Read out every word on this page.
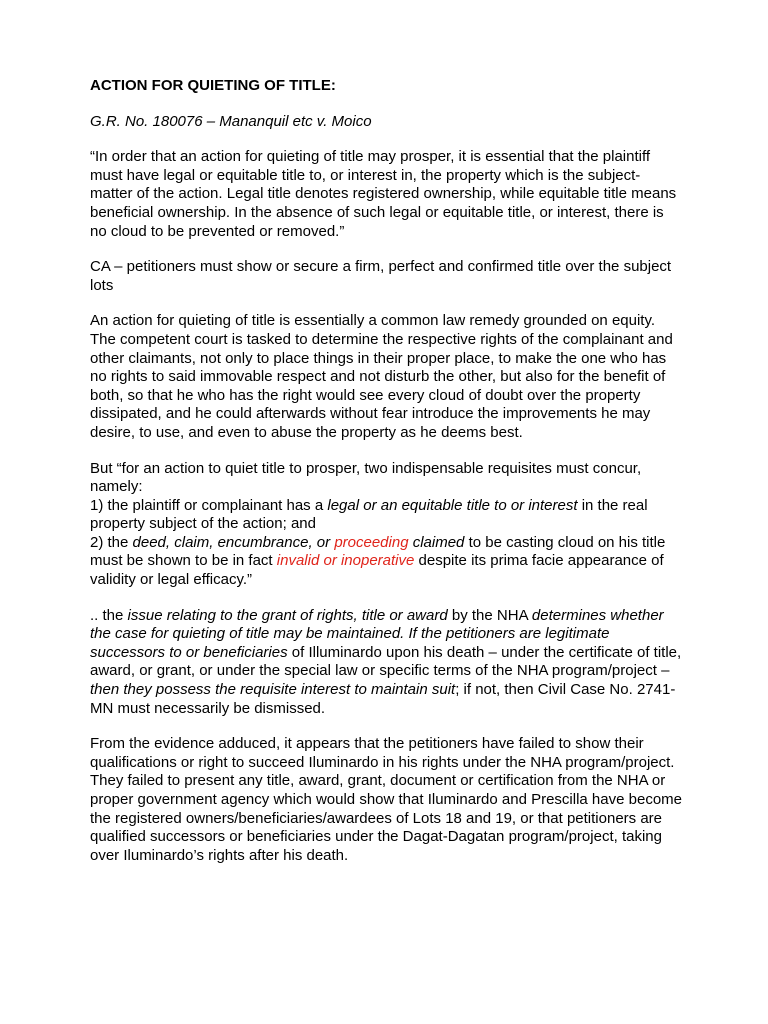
ACTION FOR QUIETING OF TITLE:

G.R. No. 180076 – Mananquil etc v. Moico

“In order that an action for quieting of title may prosper, it is essential that the plaintiff must have legal or equitable title to, or interest in, the property which is the subject-matter of the action. Legal title denotes registered ownership, while equitable title means beneficial ownership. In the absence of such legal or equitable title, or interest, there is no cloud to be prevented or removed.”

CA – petitioners must show or secure a firm, perfect and confirmed title over the subject lots

An action for quieting of title is essentially a common law remedy grounded on equity. The competent court is tasked to determine the respective rights of the complainant and other claimants, not only to place things in their proper place, to make the one who has no rights to said immovable respect and not disturb the other, but also for the benefit of both, so that he who has the right would see every cloud of doubt over the property dissipated, and he could afterwards without fear introduce the improvements he may desire, to use, and even to abuse the property as he deems best.

But “for an action to quiet title to prosper, two indispensable requisites must concur, namely:

1) the plaintiff or complainant has a legal or an equitable title to or interest in the real property subject of the action; and

2) the deed, claim, encumbrance, or proceeding claimed to be casting cloud on his title must be shown to be in fact invalid or inoperative despite its prima facie appearance of validity or legal efficacy.”

.. the issue relating to the grant of rights, title or award by the NHA determines whether the case for quieting of title may be maintained. If the petitioners are legitimate successors to or beneficiaries of Illuminardo upon his death – under the certificate of title, award, or grant, or under the special law or specific terms of the NHA program/project – then they possess the requisite interest to maintain suit; if not, then Civil Case No. 2741-MN must necessarily be dismissed.

From the evidence adduced, it appears that the petitioners have failed to show their qualifications or right to succeed Iluminardo in his rights under the NHA program/project. They failed to present any title, award, grant, document or certification from the NHA or proper government agency which would show that Iluminardo and Prescilla have become the registered owners/beneficiaries/awardees of Lots 18 and 19, or that petitioners are qualified successors or beneficiaries under the Dagat-Dagatan program/project, taking over Iluminardo’s rights after his death.
